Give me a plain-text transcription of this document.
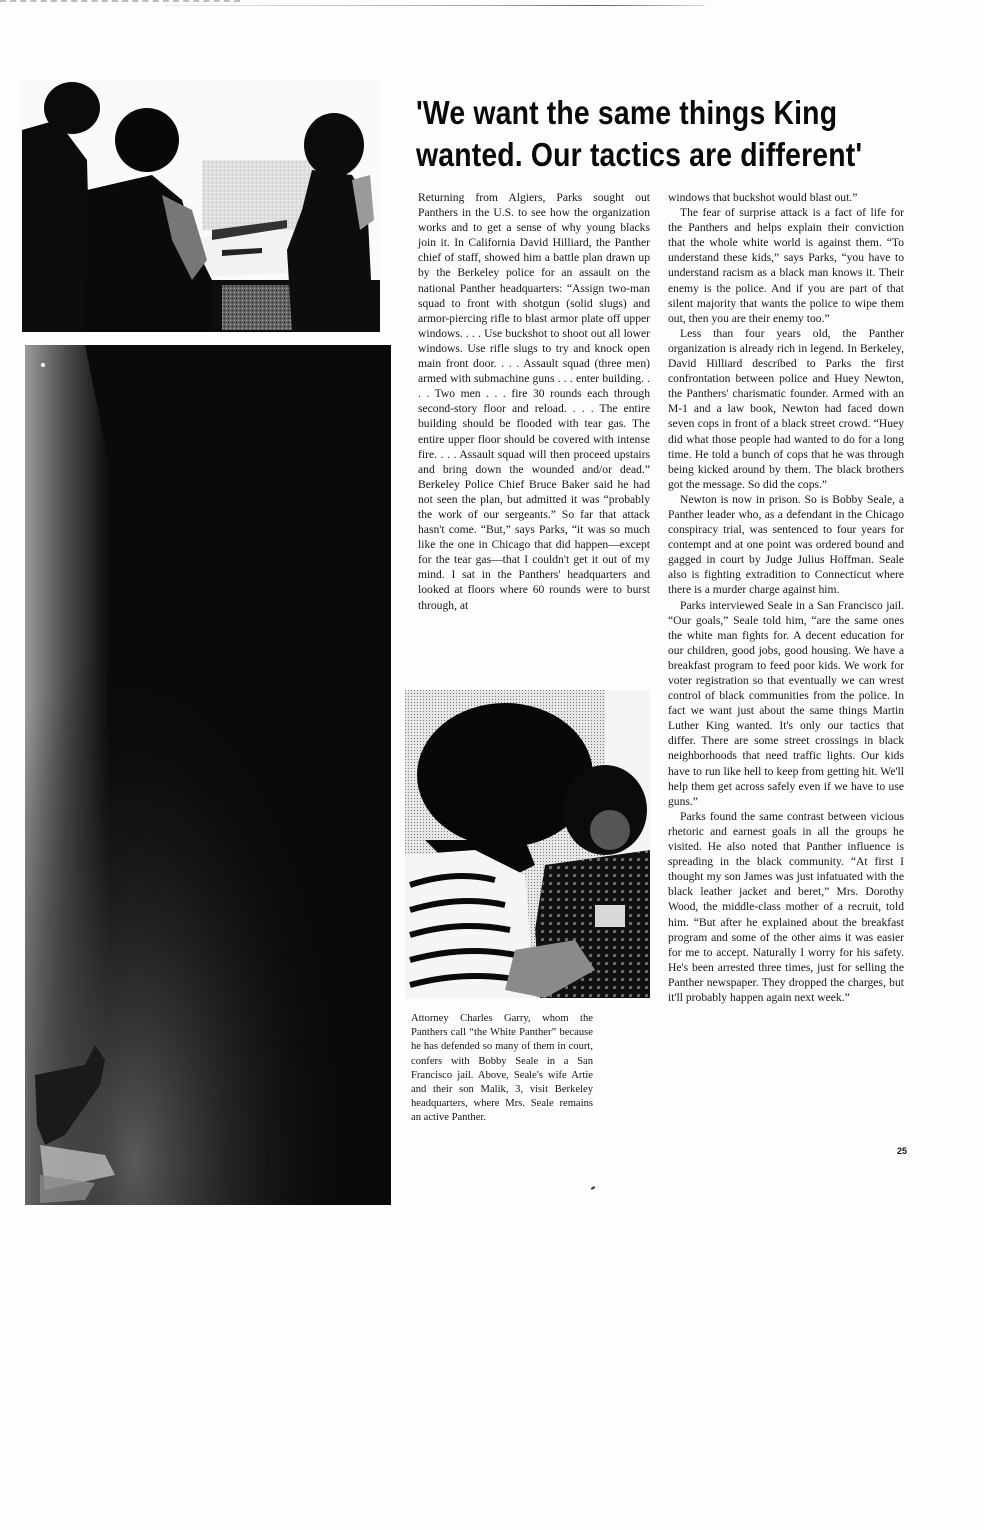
'We want the same things King
wanted. Our tactics are different'

Returning from Algiers, Parks sought out Panthers in the U.S. to see how the organization works and to get a sense of why young blacks join it. In California David Hilliard, the Panther chief of staff, showed him a battle plan drawn up by the Berkeley police for an assault on the national Panther headquarters: “Assign two-man squad to front with shotgun (solid slugs) and armor-piercing rifle to blast armor plate off upper windows. . . . Use buckshot to shoot out all lower windows. Use rifle slugs to try and knock open main front door. . . . Assault squad (three men) armed with submachine guns . . . enter building. . . . Two men . . . fire 30 rounds each through second-story floor and reload. . . . The entire building should be flooded with tear gas. The entire upper floor should be covered with intense fire. . . . Assault squad will then proceed upstairs and bring down the wounded and/or dead.” Berkeley Police Chief Bruce Baker said he had not seen the plan, but admitted it was “probably the work of our sergeants.” So far that attack hasn't come. “But,” says Parks, “it was so much like the one in Chicago that did happen—except for the tear gas—that I couldn't get it out of my mind. I sat in the Panthers' headquarters and looked at floors where 60 rounds were to burst through, at

windows that buckshot would blast out.”

The fear of surprise attack is a fact of life for the Panthers and helps explain their conviction that the whole white world is against them. “To understand these kids,” says Parks, “you have to understand racism as a black man knows it. Their enemy is the police. And if you are part of that silent majority that wants the police to wipe them out, then you are their enemy too.”

Less than four years old, the Panther organization is already rich in legend. In Berkeley, David Hilliard described to Parks the first confrontation between police and Huey Newton, the Panthers' charismatic founder. Armed with an M-1 and a law book, Newton had faced down seven cops in front of a black street crowd. “Huey did what those people had wanted to do for a long time. He told a bunch of cops that he was through being kicked around by them. The black brothers got the message. So did the cops.”

Newton is now in prison. So is Bobby Seale, a Panther leader who, as a defendant in the Chicago conspiracy trial, was sentenced to four years for contempt and at one point was ordered bound and gagged in court by Judge Julius Hoffman. Seale also is fighting extradition to Connecticut where there is a murder charge against him.

Parks interviewed Seale in a San Francisco jail. “Our goals,” Seale told him, “are the same ones the white man fights for. A decent education for our children, good jobs, good housing. We have a breakfast program to feed poor kids. We work for voter registration so that eventually we can wrest control of black communities from the police. In fact we want just about the same things Martin Luther King wanted. It's only our tactics that differ. There are some street crossings in black neighborhoods that need traffic lights. Our kids have to run like hell to keep from getting hit. We'll help them get across safely even if we have to use guns.”

Parks found the same contrast between vicious rhetoric and earnest goals in all the groups he visited. He also noted that Panther influence is spreading in the black community. “At first I thought my son James was just infatuated with the black leather jacket and beret,” Mrs. Dorothy Wood, the middle-class mother of a recruit, told him. “But after he explained about the breakfast program and some of the other aims it was easier for me to accept. Naturally I worry for his safety. He's been arrested three times, just for selling the Panther newspaper. They dropped the charges, but it'll probably happen again next week.”

Attorney Charles Garry, whom the Panthers call “the White Panther” because he has defended so many of them in court, confers with Bobby Seale in a San Francisco jail. Above, Seale's wife Artie and their son Malik, 3, visit Berkeley headquarters, where Mrs. Seale remains an active Panther.
25
